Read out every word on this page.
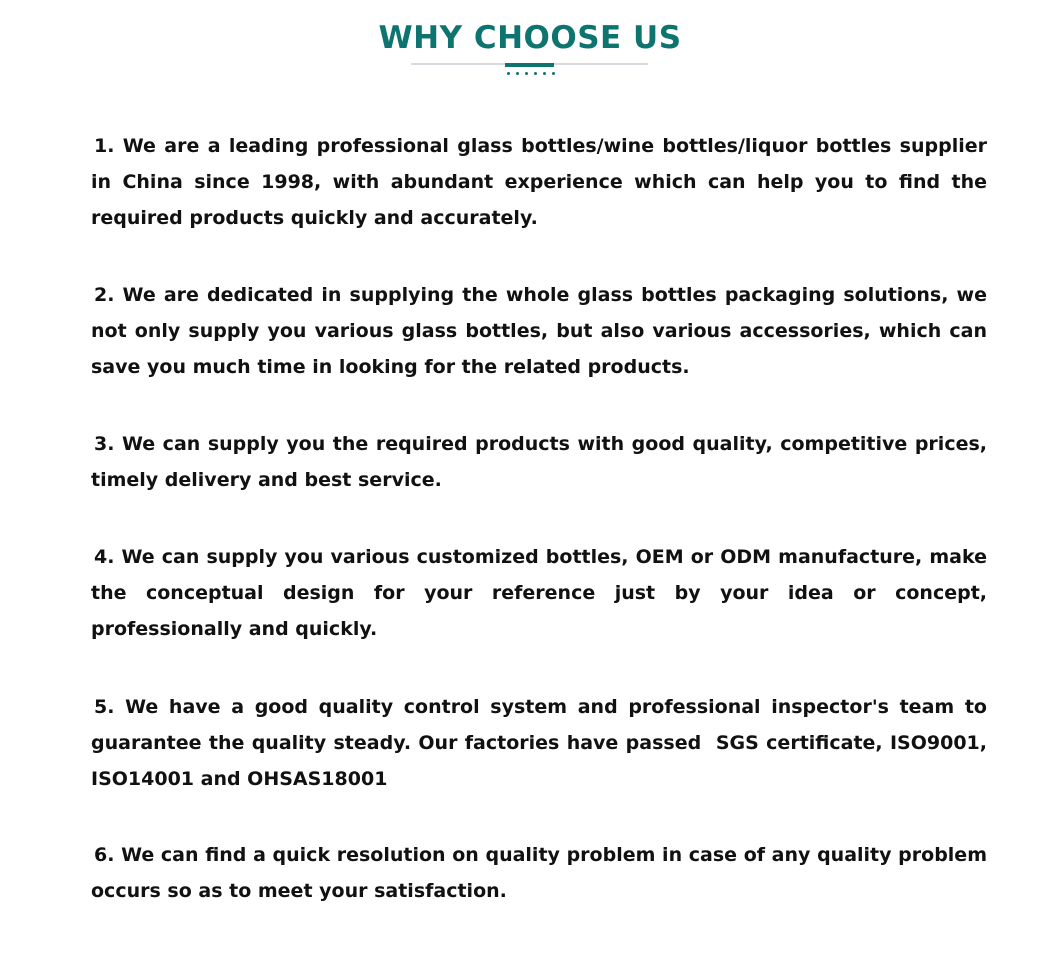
WHY CHOOSE US

1. We are a leading professional glass bottles/wine bottles/liquor bottles supplier in China since 1998, with abundant experience which can help you to find the required products quickly and accurately.

2. We are dedicated in supplying the whole glass bottles packaging solutions, we not only supply you various glass bottles, but also various accessories, which can save you much time in looking for the related products.

3. We can supply you the required products with good quality, competitive prices, timely delivery and best service.

4. We can supply you various customized bottles, OEM or ODM manufacture, make the conceptual design for your reference just by your idea or concept, professionally and quickly.

5. We have a good quality control system and professional inspector's team to guarantee the quality steady. Our factories have passed  SGS certificate, ISO9001, ISO14001 and OHSAS18001

6. We can find a quick resolution on quality problem in case of any quality problem occurs so as to meet your satisfaction.
